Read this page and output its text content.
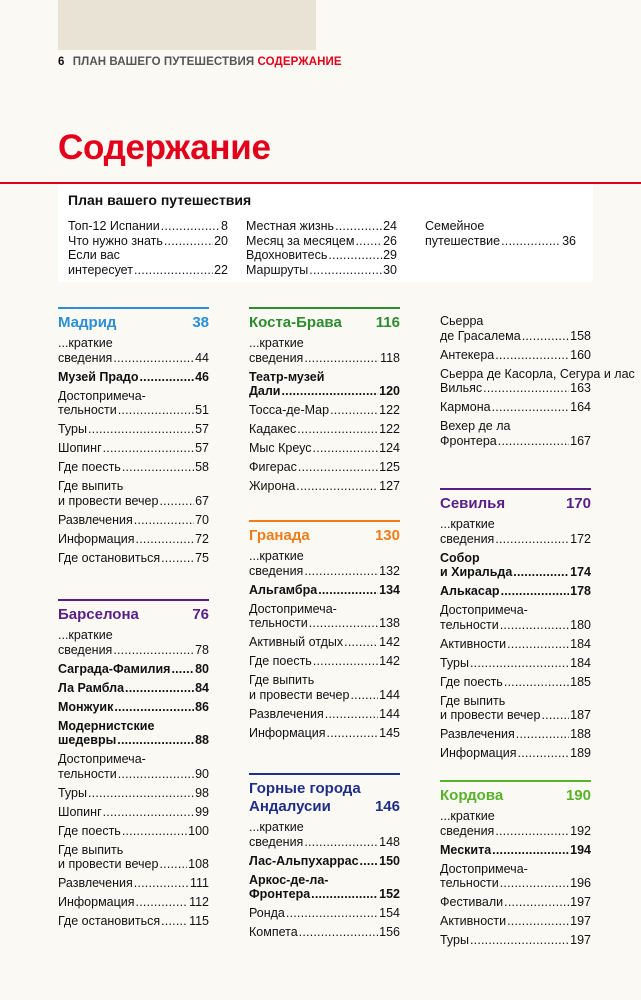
6 ПЛАН ВАШЕГО ПУТЕШЕСТВИЯ СОДЕРЖАНИЕ
Содержание
План вашего путешествия
Топ-12 Испании .....	8
Что нужно знать .....	20
Если вас
интересует .....	22
Местная жизнь .....	24
Месяц за месяцем ..... 26
Вдохновитесь .....	29
Маршруты .....	30
Семейное
путешествие .....	36
Мадрид	38
...краткие
сведения .....	44
Музей Прадо .....	46
Достопримеча-
тельности .....	51
Туры .....	57
Шопинг .....	57
Где поесть .....	58
Где выпить
и провести вечер .....	67
Развлечения .....	70
Информация .....	72
Где остановиться .....	75
Барселона	76
...краткие
сведения .....	78
Саграда-Фамилия ..... 80
Ла Рамбла .....	84
Монжуик .....	86
Модернистские
шедевры .....	88
Достопримеча-
тельности .....	90
Туры .....	98
Шопинг .....	99
Где поесть .....	100
Где выпить
и провести вечер ..... 108
Развлечения .....	111
Информация .....	112
Где остановиться ..... 115
Коста-Брава 116
...краткие
сведения .....	118
Театр-музей
Дали .....	120
Тосса-де-Мар .....	122
Кадакес .....	122
Мыс Креус .....	124
Фигерас .....	125
Жирона .....	127
Гранада	130
...краткие
сведения .....	132
Альгамбра .....	134
Достопримеча-
тельности .....	138
Активный отдых .....	142
Где поесть .....	142
Где выпить
и провести вечер ..... 144
Развлечения .....	144
Информация .....	145
Горные города Андалусии	146
...краткие
сведения .....	148
Лас-Альпухаррас ..... 150
Аркос-де-ла-
Фронтера .....	152
Ронда .....	154
Компета .....	156
Сьерра
де Грасалема .....	158
Антекера .....	160
Сьерра де Касорла, Сегура и лас
Вильяс .....	163
Кармона .....	164
Вехер де ла
Фронтера .....	167
Севилья	170
...краткие
сведения .....	172
Собор
и Хиральда .....	174
Алькасар .....	178
Достопримеча-
тельности .....	180
Активности .....	184
Туры .....	184
Где поесть .....	185
Где выпить
и провести вечер ..... 187
Развлечения .....	188
Информация .....	189
Кордова	190
...краткие
сведения .....	192
Мескита .....	194
Достопримеча-
тельности .....	196
Фестивали .....	197
Активности .....	197
Туры .....	197
